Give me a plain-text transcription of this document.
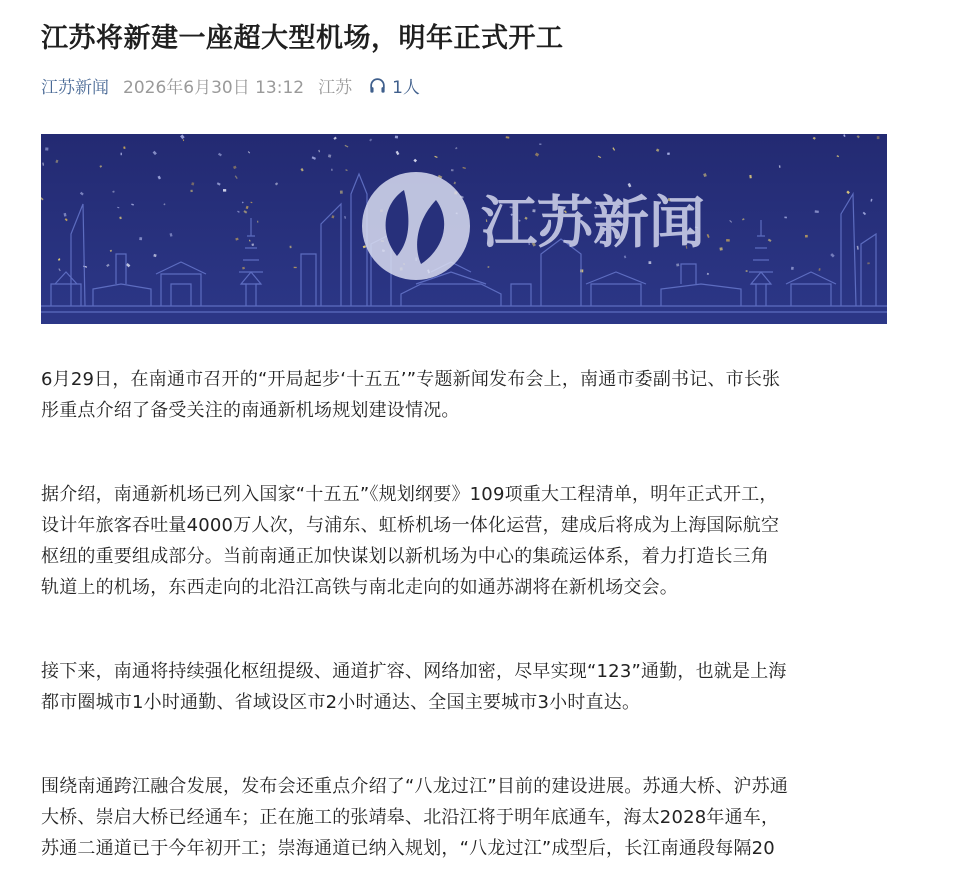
江苏将新建一座超大型机场，明年正式开工
江苏新闻 2026年6月30日 13:12 江苏 1人
江苏新闻

6月29日，在南通市召开的“开局起步‘十五五’”专题新闻发布会上，南通市委副书记、市长张
彤重点介绍了备受关注的南通新机场规划建设情况。

据介绍，南通新机场已列入国家“十五五”《规划纲要》109项重大工程清单，明年正式开工，
设计年旅客吞吐量4000万人次，与浦东、虹桥机场一体化运营，建成后将成为上海国际航空
枢纽的重要组成部分。当前南通正加快谋划以新机场为中心的集疏运体系，着力打造长三角
轨道上的机场，东西走向的北沿江高铁与南北走向的如通苏湖将在新机场交会。

接下来，南通将持续强化枢纽提级、通道扩容、网络加密，尽早实现“123”通勤，也就是上海
都市圈城市1小时通勤、省域设区市2小时通达、全国主要城市3小时直达。

围绕南通跨江融合发展，发布会还重点介绍了“八龙过江”目前的建设进展。苏通大桥、沪苏通
大桥、崇启大桥已经通车；正在施工的张靖皋、北沿江将于明年底通车，海太2028年通车，
苏通二通道已于今年初开工；崇海通道已纳入规划，“八龙过江”成型后，长江南通段每隔20
